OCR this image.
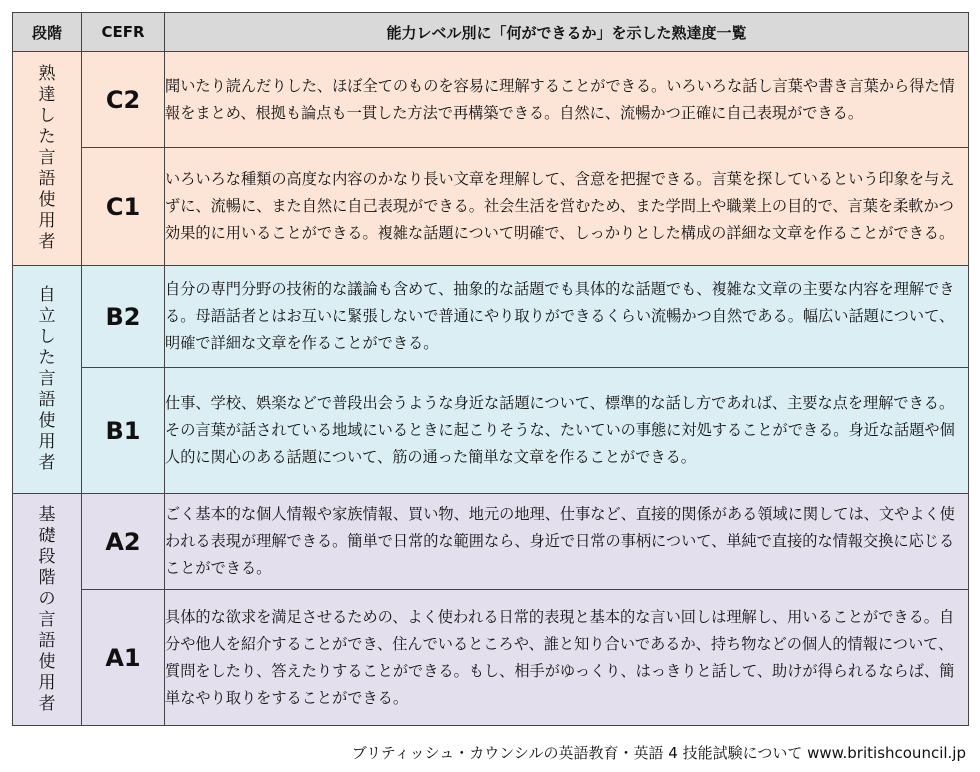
段階	CEFR	能力レベル別に「何ができるか」を示した熟達度一覧
熟達した言語使用者	C2	聞いたり読んだりした、ほぼ全てのものを容易に理解することができる。いろいろな話し言葉や書き言葉から得た情報をまとめ、根拠も論点も一貫した方法で再構築できる。自然に、流暢かつ正確に自己表現ができる。
	C1	いろいろな種類の高度な内容のかなり長い文章を理解して、含意を把握できる。言葉を探しているという印象を与えずに、流暢に、また自然に自己表現ができる。社会生活を営むため、また学問上や職業上の目的で、言葉を柔軟かつ効果的に用いることができる。複雑な話題について明確で、しっかりとした構成の詳細な文章を作ることができる。
自立した言語使用者	B2	自分の専門分野の技術的な議論も含めて、抽象的な話題でも具体的な話題でも、複雑な文章の主要な内容を理解できる。母語話者とはお互いに緊張しないで普通にやり取りができるくらい流暢かつ自然である。幅広い話題について、明確で詳細な文章を作ることができる。
	B1	仕事、学校、娯楽などで普段出会うような身近な話題について、標準的な話し方であれば、主要な点を理解できる。その言葉が話されている地域にいるときに起こりそうな、たいていの事態に対処することができる。身近な話題や個人的に関心のある話題について、筋の通った簡単な文章を作ることができる。
基礎段階の言語使用者	A2	ごく基本的な個人情報や家族情報、買い物、地元の地理、仕事など、直接的関係がある領域に関しては、文やよく使われる表現が理解できる。簡単で日常的な範囲なら、身近で日常の事柄について、単純で直接的な情報交換に応じることができる。
	A1	具体的な欲求を満足させるための、よく使われる日常的表現と基本的な言い回しは理解し、用いることができる。自分や他人を紹介することができ、住んでいるところや、誰と知り合いであるか、持ち物などの個人的情報について、質問をしたり、答えたりすることができる。もし、相手がゆっくり、はっきりと話して、助けが得られるならば、簡単なやり取りをすることができる。
ブリティッシュ・カウンシルの英語教育・英語 4 技能試験について www.britishcouncil.jp
